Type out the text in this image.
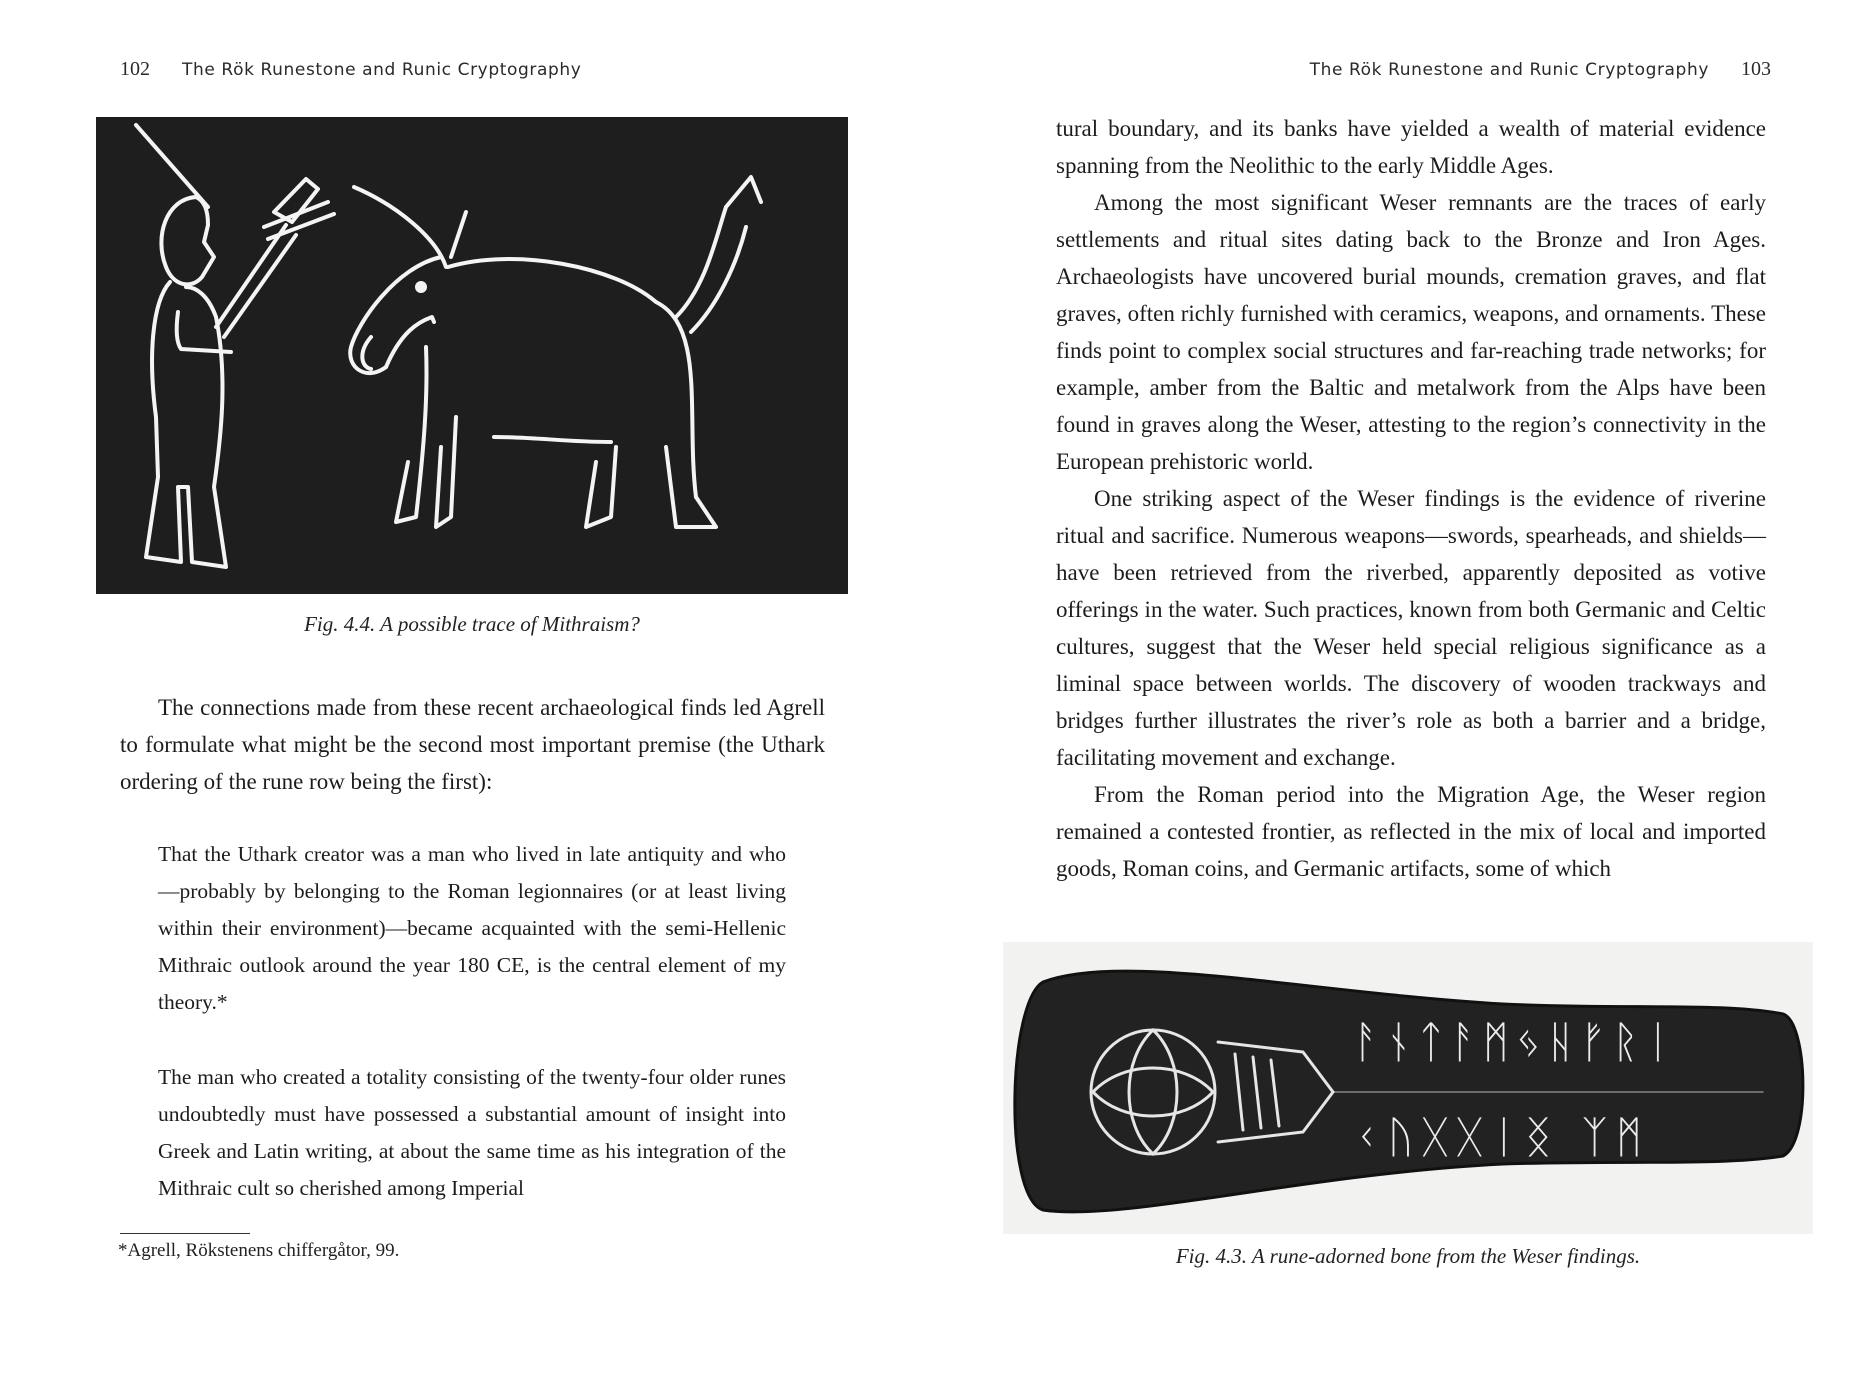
102 The Rök Runestone and Runic Cryptography
Fig. 4.4. A possible trace of Mithraism?

The connections made from these recent archaeological finds led Agrell to formulate what might be the second most important premise (the Uthark ordering of the rune row being the first):

That the Uthark creator was a man who lived in late antiquity and who—probably by belonging to the Roman legionnaires (or at least living within their environment)—became acquainted with the semi-Hellenic Mithraic outlook around the year 180 CE, is the central element of my theory.*

The man who created a totality consisting of the twenty-four older runes undoubtedly must have possessed a substantial amount of insight into Greek and Latin writing, at about the same time as his integration of the Mithraic cult so cherished among Imperial

*Agrell, Rökstenens chiffergåtor, 99.
The Rök Runestone and Runic Cryptography 103

tural boundary, and its banks have yielded a wealth of material evidence spanning from the Neolithic to the early Middle Ages.

Among the most significant Weser remnants are the traces of early settlements and ritual sites dating back to the Bronze and Iron Ages. Archaeologists have uncovered burial mounds, cremation graves, and flat graves, often richly furnished with ceramics, weapons, and ornaments. These finds point to complex social structures and far-reaching trade networks; for example, amber from the Baltic and metalwork from the Alps have been found in graves along the Weser, attesting to the region’s connectivity in the European prehistoric world.

One striking aspect of the Weser findings is the evidence of riverine ritual and sacrifice. Numerous weapons—swords, spearheads, and shields—have been retrieved from the riverbed, apparently deposited as votive offerings in the water. Such practices, known from both Germanic and Celtic cultures, suggest that the Weser held special religious significance as a liminal space between worlds. The discovery of wooden trackways and bridges further illustrates the river’s role as both a barrier and a bridge, facilitating movement and exchange.

From the Roman period into the Migration Age, the Weser region remained a contested frontier, as reflected in the mix of local and imported goods, Roman coins, and Germanic artifacts, some of which

ᚨᚾᛏᚨᛗᛃᚺᚠᚱᛁ
ᚲᚢᚷᚷᛁᛝ ᛉᛗ
Fig. 4.3. A rune-adorned bone from the Weser findings.
